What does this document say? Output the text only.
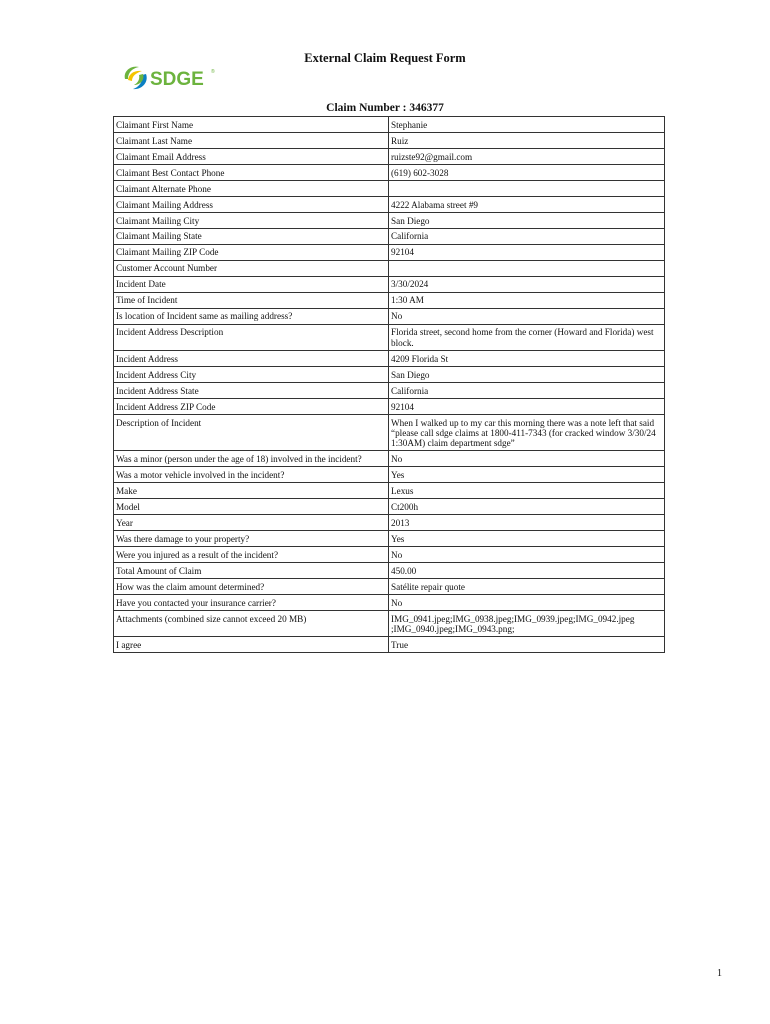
External Claim Request Form
SDGE ®
Claim Number : 346377
Claimant First Name	Stephanie
Claimant Last Name	Ruiz
Claimant Email Address	ruizste92@gmail.com
Claimant Best Contact Phone	(619) 602-3028
Claimant Alternate Phone	
Claimant Mailing Address	4222 Alabama street #9
Claimant Mailing City	San Diego
Claimant Mailing State	California
Claimant Mailing ZIP Code	92104
Customer Account Number	
Incident Date	3/30/2024
Time of Incident	1:30 AM
Is location of Incident same as mailing address?	No
Incident Address Description	Florida street, second home from the corner (Howard and Florida) west block.
Incident Address	4209 Florida St
Incident Address City	San Diego
Incident Address State	California
Incident Address ZIP Code	92104
Description of Incident	When I walked up to my car this morning there was a note left that said “please call sdge claims at 1800-411-7343 (for cracked window 3/30/24 1:30AM) claim department sdge”
Was a minor (person under the age of 18) involved in the incident?	No
Was a motor vehicle involved in the incident?	Yes
Make	Lexus
Model	Ct200h
Year	2013
Was there damage to your property?	Yes
Were you injured as a result of the incident?	No
Total Amount of Claim	450.00
How was the claim amount determined?	Satélite repair quote
Have you contacted your insurance carrier?	No
Attachments (combined size cannot exceed 20 MB)	IMG_0941.jpeg;IMG_0938.jpeg;IMG_0939.jpeg;IMG_0942.jpeg ;IMG_0940.jpeg;IMG_0943.png;
I agree	True
1
